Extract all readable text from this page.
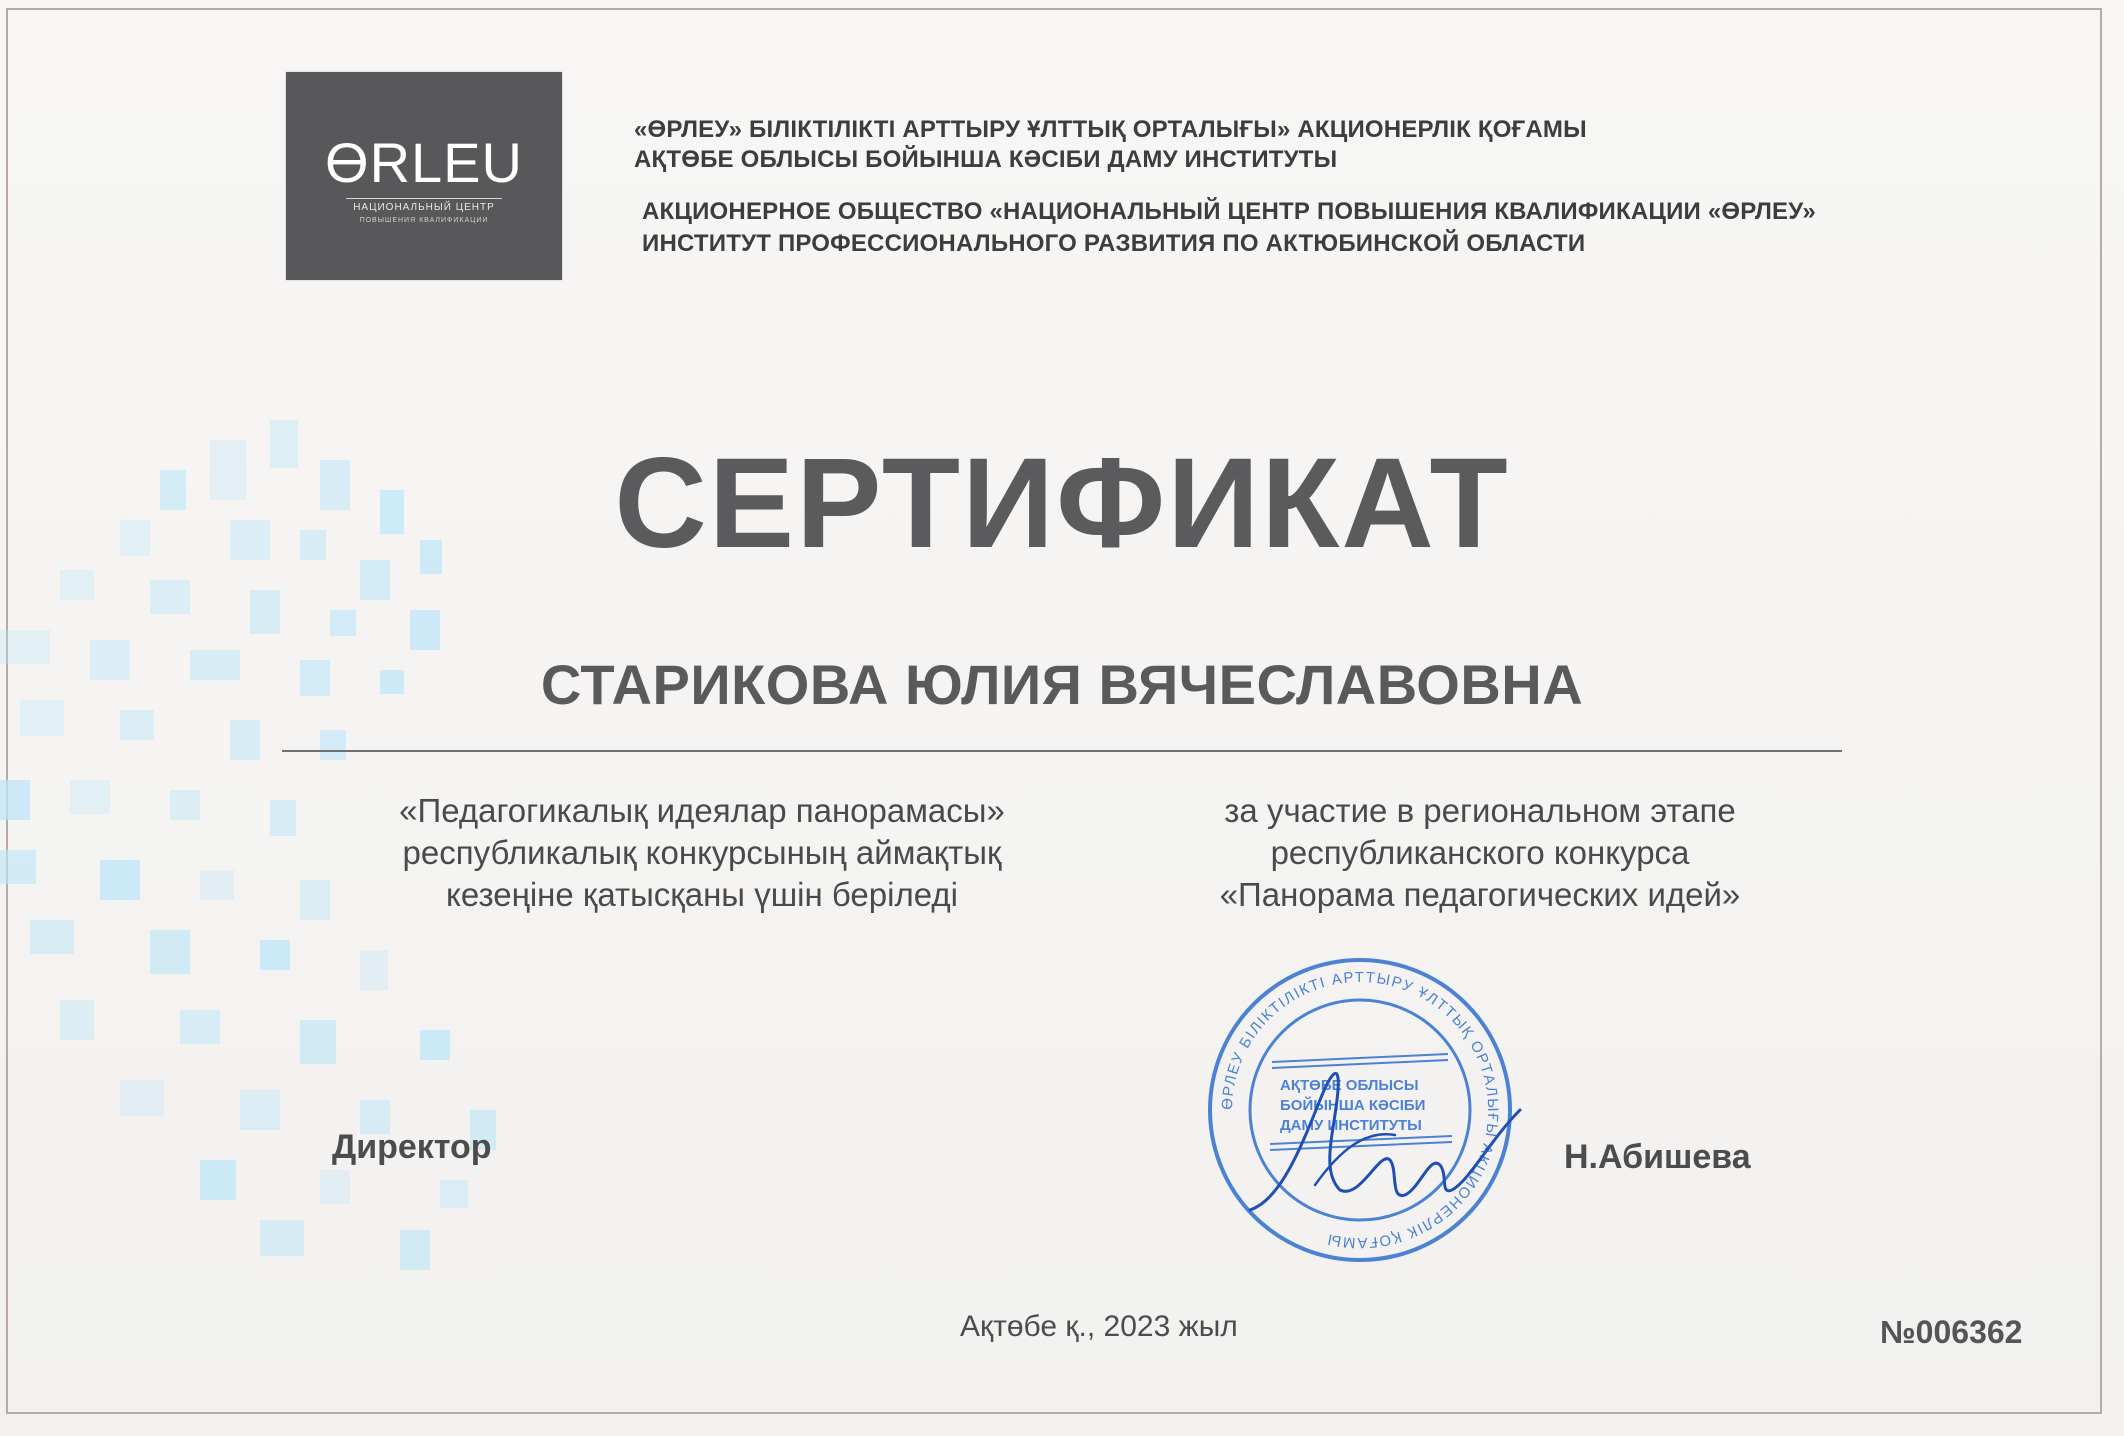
ӨRLEU
НАЦИОНАЛЬНЫЙ ЦЕНТР
ПОВЫШЕНИЯ КВАЛИФИКАЦИИ
«ӨРЛЕУ» БІЛІКТІЛІКТІ АРТТЫРУ ҰЛТТЫҚ ОРТАЛЫҒЫ» АКЦИОНЕРЛІК ҚОҒАМЫ
АҚТӨБЕ ОБЛЫСЫ БОЙЫНША КӘСІБИ ДАМУ ИНСТИТУТЫ
АКЦИОНЕРНОЕ ОБЩЕСТВО «НАЦИОНАЛЬНЫЙ ЦЕНТР ПОВЫШЕНИЯ КВАЛИФИКАЦИИ «ӨРЛЕУ»
ИНСТИТУТ ПРОФЕССИОНАЛЬНОГО РАЗВИТИЯ ПО АКТЮБИНСКОЙ ОБЛАСТИ
СЕРТИФИКАТ
СТАРИКОВА ЮЛИЯ ВЯЧЕСЛАВОВНА
«Педагогикалық идеялар панорамасы»
республикалық конкурсының аймақтық
кезеңіне қатысқаны үшін беріледі
за участие в региональном этапе
республиканского конкурса
«Панорама педагогических идей»
Директор
ӨРЛЕУ БІЛІКТІЛІКТІ АРТТЫРУ ҰЛТТЫҚ ОРТАЛЫҒЫ АКЦИОНЕРЛІК ҚОҒАМЫ
АҚТӨБЕ ОБЛЫСЫ
БОЙЫНША КӘСІБИ
ДАМУ ИНСТИТУТЫ
Н.Абишева
Ақтөбе қ., 2023 жыл	№006362
